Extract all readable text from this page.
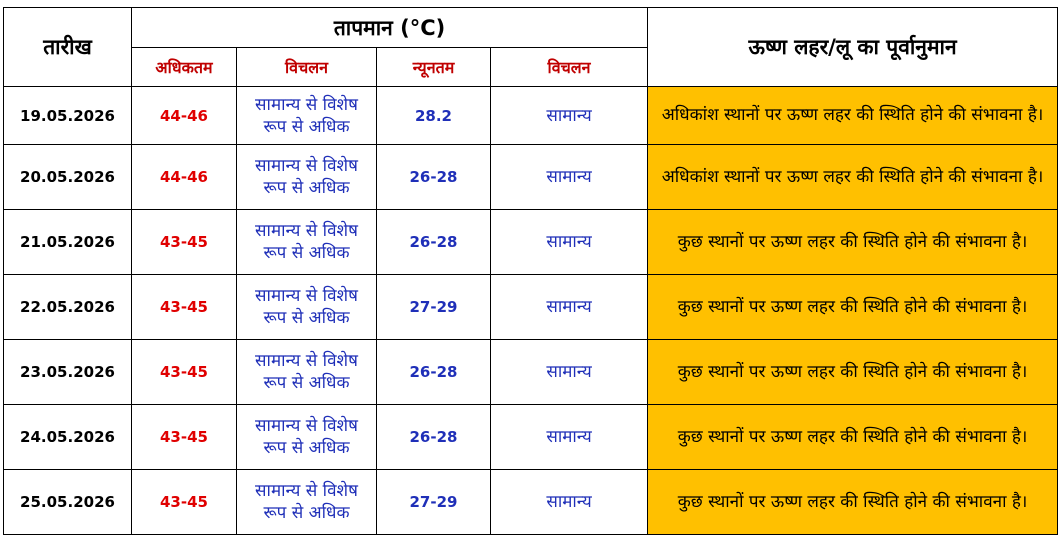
तारीख	तापमान (°C)				ऊष्ण लहर/लू का पूर्वानुमान
	अधिकतम	विचलन	न्यूनतम	विचलन	
19.05.2026	44-46	सामान्य से विशेष रूप से अधिक	28.2	सामान्य	अधिकांश स्थानों पर ऊष्ण लहर की स्थिति होने की संभावना है।
20.05.2026	44-46	सामान्य से विशेष रूप से अधिक	26-28	सामान्य	अधिकांश स्थानों पर ऊष्ण लहर की स्थिति होने की संभावना है।
21.05.2026	43-45	सामान्य से विशेष रूप से अधिक	26-28	सामान्य	कुछ स्थानों पर ऊष्ण लहर की स्थिति होने की संभावना है।
22.05.2026	43-45	सामान्य से विशेष रूप से अधिक	27-29	सामान्य	कुछ स्थानों पर ऊष्ण लहर की स्थिति होने की संभावना है।
23.05.2026	43-45	सामान्य से विशेष रूप से अधिक	26-28	सामान्य	कुछ स्थानों पर ऊष्ण लहर की स्थिति होने की संभावना है।
24.05.2026	43-45	सामान्य से विशेष रूप से अधिक	26-28	सामान्य	कुछ स्थानों पर ऊष्ण लहर की स्थिति होने की संभावना है।
25.05.2026	43-45	सामान्य से विशेष रूप से अधिक	27-29	सामान्य	कुछ स्थानों पर ऊष्ण लहर की स्थिति होने की संभावना है।
